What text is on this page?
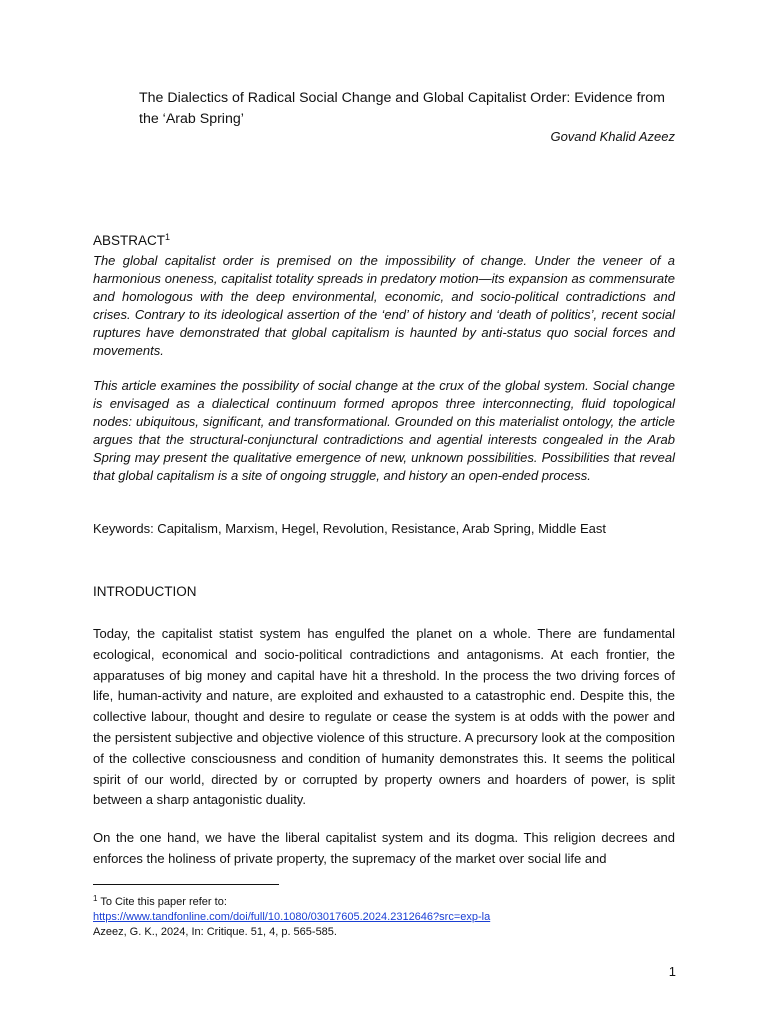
The Dialectics of Radical Social Change and Global Capitalist Order: Evidence from the ‘Arab Spring’
Govand Khalid Azeez
ABSTRACT$^1$
The global capitalist order is premised on the impossibility of change. Under the veneer of a harmonious oneness, capitalist totality spreads in predatory motion—its expansion as commensurate and homologous with the deep environmental, economic, and socio-political contradictions and crises. Contrary to its ideological assertion of the ‘end’ of history and ‘death of politics’, recent social ruptures have demonstrated that global capitalism is haunted by anti-status quo social forces and movements.
This article examines the possibility of social change at the crux of the global system. Social change is envisaged as a dialectical continuum formed apropos three interconnecting, fluid topological nodes: ubiquitous, significant, and transformational. Grounded on this materialist ontology, the article argues that the structural-conjunctural contradictions and agential interests congealed in the Arab Spring may present the qualitative emergence of new, unknown possibilities. Possibilities that reveal that global capitalism is a site of ongoing struggle, and history an open-ended process.
Keywords: Capitalism, Marxism, Hegel, Revolution, Resistance, Arab Spring, Middle East
INTRODUCTION
Today, the capitalist statist system has engulfed the planet on a whole. There are fundamental ecological, economical and socio-political contradictions and antagonisms. At each frontier, the apparatuses of big money and capital have hit a threshold. In the process the two driving forces of life, human-activity and nature, are exploited and exhausted to a catastrophic end. Despite this, the collective labour, thought and desire to regulate or cease the system is at odds with the power and the persistent subjective and objective violence of this structure. A precursory look at the composition of the collective consciousness and condition of humanity demonstrates this. It seems the political spirit of our world, directed by or corrupted by property owners and hoarders of power, is split between a sharp antagonistic duality.
On the one hand, we have the liberal capitalist system and its dogma. This religion decrees and enforces the holiness of private property, the supremacy of the market over social life and
$^1$ To Cite this paper refer to:
https://www.tandfonline.com/doi/full/10.1080/03017605.2024.2312646?src=exp-la
Azeez, G. K., 2024, In: Critique. 51, 4, p. 565-585.
1
